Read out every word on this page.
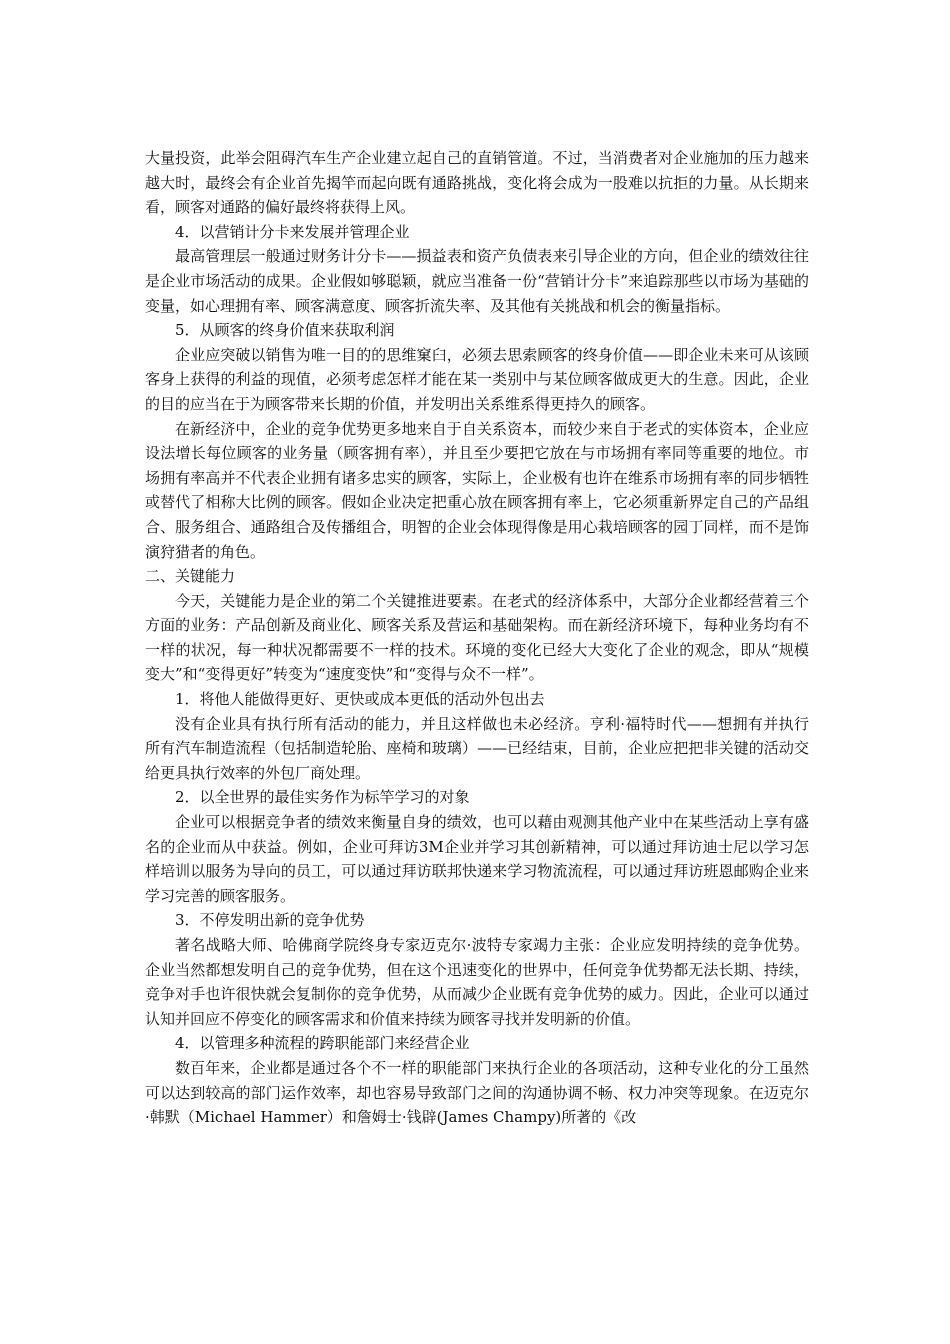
大量投资，此举会阻碍汽车生产企业建立起自己的直销管道。不过，当消费者对企业施加的压力越来越大时，最终会有企业首先揭竿而起向既有通路挑战，变化将会成为一股难以抗拒的力量。从长期来看，顾客对通路的偏好最终将获得上风。

4．以营销计分卡来发展并管理企业

最高管理层一般通过财务计分卡——损益表和资产负债表来引导企业的方向，但企业的绩效往往是企业市场活动的成果。企业假如够聪颖，就应当准备一份“营销计分卡”来追踪那些以市场为基础的变量，如心理拥有率、顾客满意度、顾客折流失率、及其他有关挑战和机会的衡量指标。

5．从顾客的终身价值来获取利润

企业应突破以销售为唯一目的的思维窠臼，必须去思索顾客的终身价值——即企业未来可从该顾客身上获得的利益的现值，必须考虑怎样才能在某一类别中与某位顾客做成更大的生意。因此，企业的目的应当在于为顾客带来长期的价值，并发明出关系维系得更持久的顾客。

在新经济中，企业的竞争优势更多地来自于自关系资本，而较少来自于老式的实体资本，企业应设法增长每位顾客的业务量（顾客拥有率），并且至少要把它放在与市场拥有率同等重要的地位。市场拥有率高并不代表企业拥有诸多忠实的顾客，实际上，企业极有也许在维系市场拥有率的同步牺牲或替代了相称大比例的顾客。假如企业决定把重心放在顾客拥有率上，它必须重新界定自己的产品组合、服务组合、通路组合及传播组合，明智的企业会体现得像是用心栽培顾客的园丁同样，而不是饰演狩猎者的角色。

二、关键能力

今天，关键能力是企业的第二个关键推进要素。在老式的经济体系中，大部分企业都经营着三个方面的业务：产品创新及商业化、顾客关系及营运和基础架构。而在新经济环境下，每种业务均有不一样的状况，每一种状况都需要不一样的技术。环境的变化已经大大变化了企业的观念，即从“规模变大”和“变得更好”转变为“速度变快”和“变得与众不一样”。

1．将他人能做得更好、更快或成本更低的活动外包出去

没有企业具有执行所有活动的能力，并且这样做也未必经济。亨利·福特时代——想拥有并执行所有汽车制造流程（包括制造轮胎、座椅和玻璃）——已经结束，目前，企业应把把非关键的活动交给更具执行效率的外包厂商处理。

2．以全世界的最佳实务作为标竿学习的对象

企业可以根据竞争者的绩效来衡量自身的绩效，也可以藉由观测其他产业中在某些活动上享有盛名的企业而从中获益。例如，企业可拜访3M企业并学习其创新精神，可以通过拜访迪士尼以学习怎样培训以服务为导向的员工，可以通过拜访联邦快递来学习物流流程，可以通过拜访班恩邮购企业来学习完善的顾客服务。

3．不停发明出新的竞争优势

著名战略大师、哈佛商学院终身专家迈克尔·波特专家竭力主张：企业应发明持续的竞争优势。企业当然都想发明自己的竞争优势，但在这个迅速变化的世界中，任何竞争优势都无法长期、持续，竞争对手也许很快就会复制你的竞争优势，从而减少企业既有竞争优势的威力。因此，企业可以通过认知并回应不停变化的顾客需求和价值来持续为顾客寻找并发明新的价值。

4．以管理多种流程的跨职能部门来经营企业

数百年来，企业都是通过各个不一样的职能部门来执行企业的各项活动，这种专业化的分工虽然可以达到较高的部门运作效率，却也容易导致部门之间的沟通协调不畅、权力冲突等现象。在迈克尔·韩默（Michael Hammer）和詹姆士·钱辟(James Champy)所著的《改
